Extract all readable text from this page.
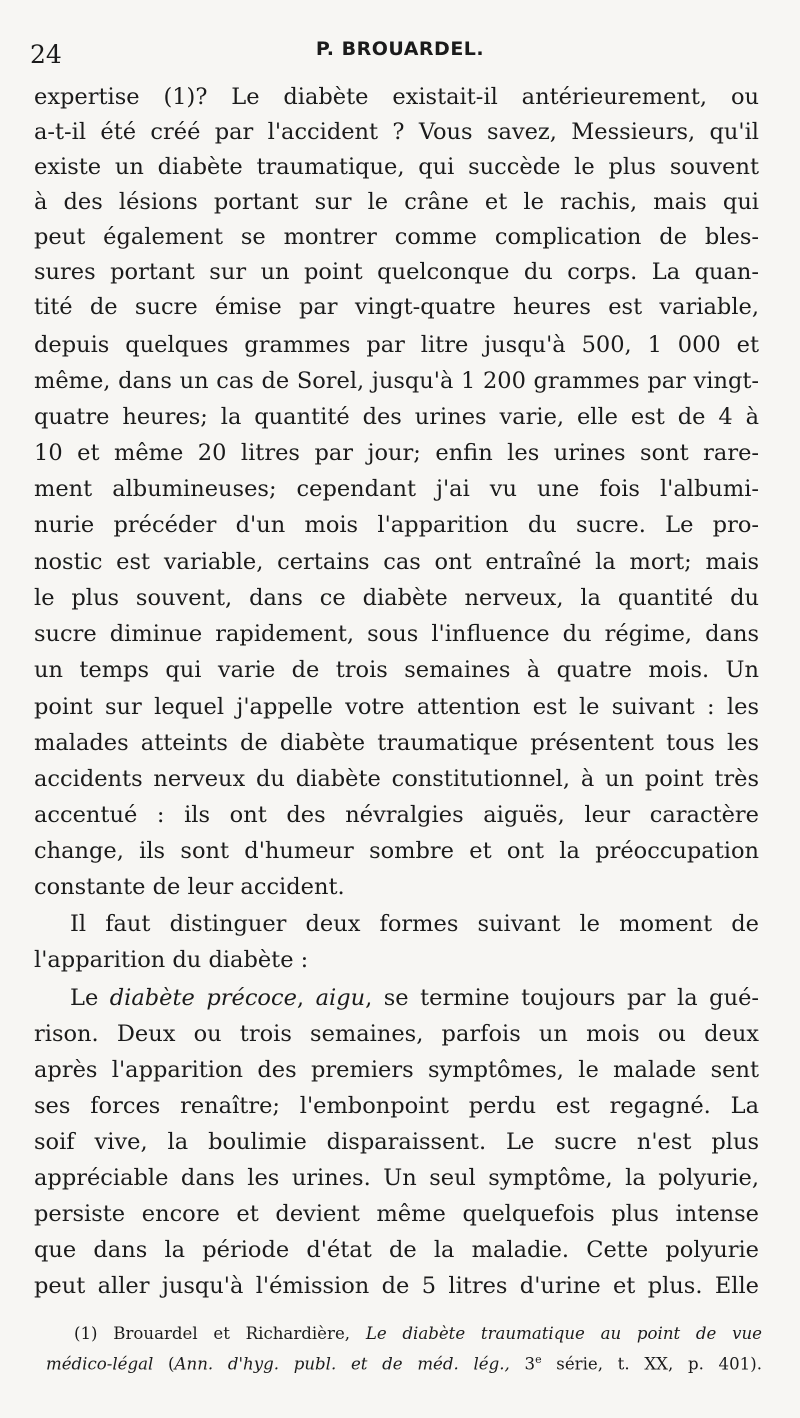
24	P. BROUARDEL.
expertise (1)? Le diabète existait-il antérieurement, ou
a-t-il été créé par l'accident ? Vous savez, Messieurs, qu'il
existe un diabète traumatique, qui succède le plus souvent
à des lésions portant sur le crâne et le rachis, mais qui
peut également se montrer comme complication de bles-
sures portant sur un point quelconque du corps. La quan-
tité de sucre émise par vingt-quatre heures est variable,
depuis quelques grammes par litre jusqu'à 500, 1 000 et
même, dans un cas de Sorel, jusqu'à 1 200 grammes par vingt-
quatre heures; la quantité des urines varie, elle est de 4 à
10 et même 20 litres par jour; enfin les urines sont rare-
ment albumineuses; cependant j'ai vu une fois l'albumi-
nurie précéder d'un mois l'apparition du sucre. Le pro-
nostic est variable, certains cas ont entraîné la mort; mais
le plus souvent, dans ce diabète nerveux, la quantité du
sucre diminue rapidement, sous l'influence du régime, dans
un temps qui varie de trois semaines à quatre mois. Un
point sur lequel j'appelle votre attention est le suivant : les
malades atteints de diabète traumatique présentent tous les
accidents nerveux du diabète constitutionnel, à un point très
accentué : ils ont des névralgies aiguës, leur caractère
change, ils sont d'humeur sombre et ont la préoccupation
constante de leur accident.
Il faut distinguer deux formes suivant le moment de
l'apparition du diabète :
Le diabète précoce, aigu, se termine toujours par la gué-
rison. Deux ou trois semaines, parfois un mois ou deux
après l'apparition des premiers symptômes, le malade sent
ses forces renaître; l'embonpoint perdu est regagné. La
soif vive, la boulimie disparaissent. Le sucre n'est plus
appréciable dans les urines. Un seul symptôme, la polyurie,
persiste encore et devient même quelquefois plus intense
que dans la période d'état de la maladie. Cette polyurie
peut aller jusqu'à l'émission de 5 litres d'urine et plus. Elle
(1) Brouardel et Richardière, Le diabète traumatique au point de vue
médico-légal (Ann. d'hyg. publ. et de méd. lég., 3e série, t. XX, p. 401).
